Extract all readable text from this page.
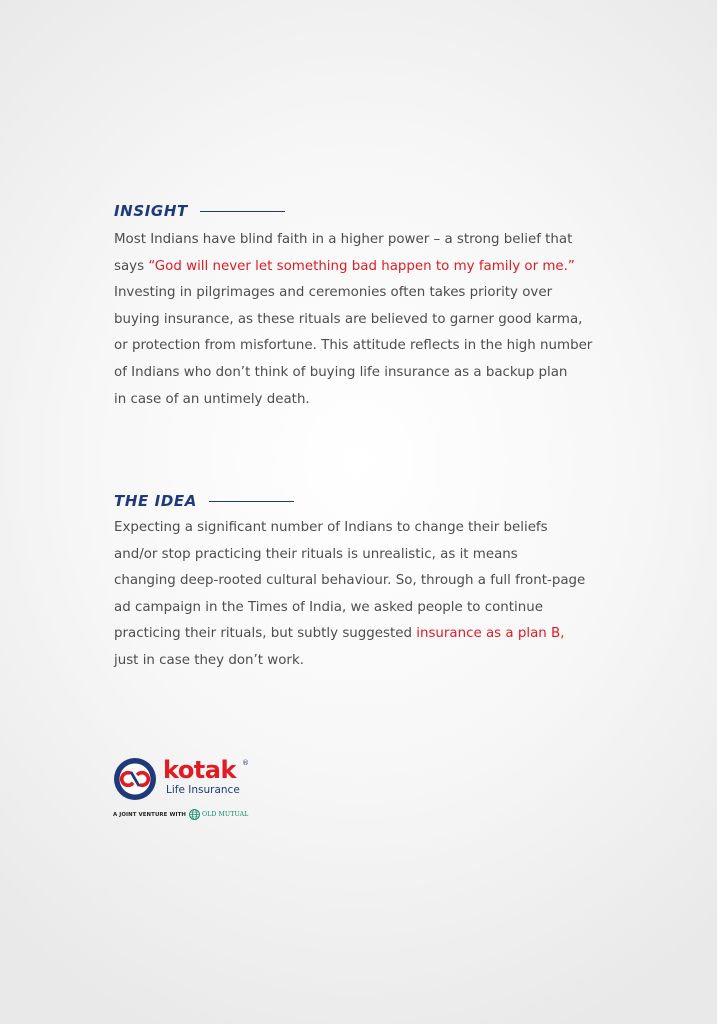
INSIGHT

Most Indians have blind faith in a higher power – a strong belief that
says “God will never let something bad happen to my family or me.”
Investing in pilgrimages and ceremonies often takes priority over
buying insurance, as these rituals are believed to garner good karma,
or protection from misfortune. This attitude reflects in the high number
of Indians who don’t think of buying life insurance as a backup plan
in case of an untimely death.

THE IDEA

Expecting a significant number of Indians to change their beliefs
and/or stop practicing their rituals is unrealistic, as it means
changing deep-rooted cultural behaviour. So, through a full front-page
ad campaign in the Times of India, we asked people to continue
practicing their rituals, but subtly suggested insurance as a plan B,
just in case they don’t work.

kotak ®
Life Insurance
A JOINT VENTURE WITH	OLD MUTUAL
